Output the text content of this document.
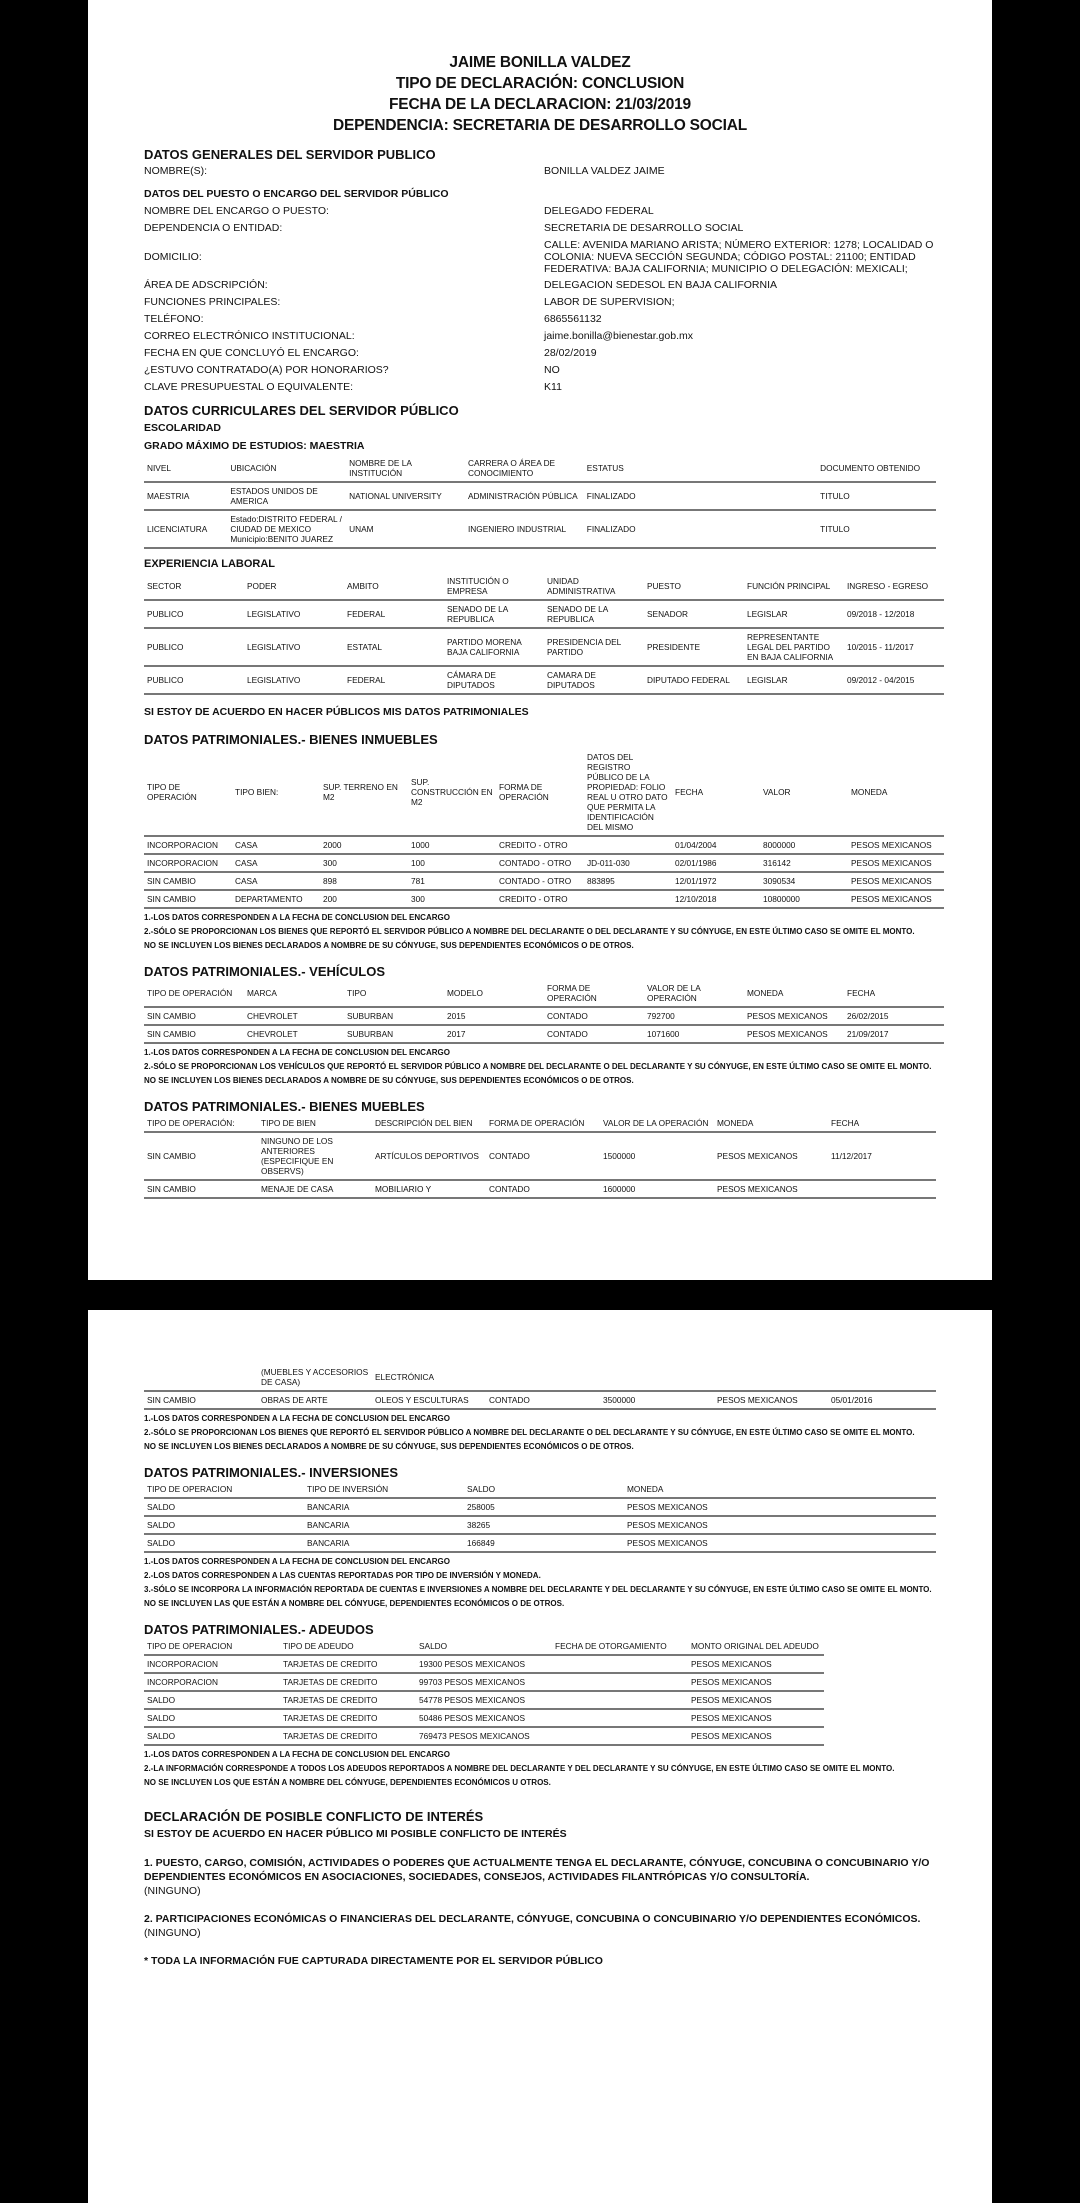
JAIME BONILLA VALDEZ
TIPO DE DECLARACIÓN: CONCLUSION
FECHA DE LA DECLARACION: 21/03/2019
DEPENDENCIA: SECRETARIA DE DESARROLLO SOCIAL
DATOS GENERALES DEL SERVIDOR PUBLICO
NOMBRE(S):	BONILLA VALDEZ JAIME
DATOS DEL PUESTO O ENCARGO DEL SERVIDOR PÚBLICO
NOMBRE DEL ENCARGO O PUESTO:	DELEGADO FEDERAL
DEPENDENCIA O ENTIDAD:	SECRETARIA DE DESARROLLO SOCIAL
DOMICILIO:
CALLE: AVENIDA MARIANO ARISTA; NÚMERO EXTERIOR: 1278; LOCALIDAD O COLONIA: NUEVA SECCIÓN SEGUNDA; CÓDIGO POSTAL: 21100; ENTIDAD FEDERATIVA: BAJA CALIFORNIA; MUNICIPIO O DELEGACIÓN: MEXICALI;
ÁREA DE ADSCRIPCIÓN:	DELEGACION SEDESOL EN BAJA CALIFORNIA
FUNCIONES PRINCIPALES:	LABOR DE SUPERVISION;
TELÉFONO:	6865561132
CORREO ELECTRÓNICO INSTITUCIONAL:	jaime.bonilla@bienestar.gob.mx
FECHA EN QUE CONCLUYÓ EL ENCARGO:	28/02/2019
¿ESTUVO CONTRATADO(A) POR HONORARIOS?	NO
CLAVE PRESUPUESTAL O EQUIVALENTE:	K11
DATOS CURRICULARES DEL SERVIDOR PÚBLICO
ESCOLARIDAD
GRADO MÁXIMO DE ESTUDIOS: MAESTRIA
NIVEL	UBICACIÓN	NOMBRE DE LA INSTITUCIÓN	CARRERA O ÁREA DE CONOCIMIENTO	ESTATUS	DOCUMENTO OBTENIDO
MAESTRIA	ESTADOS UNIDOS DE AMERICA	NATIONAL UNIVERSITY	ADMINISTRACIÓN PÚBLICA	FINALIZADO	TITULO
LICENCIATURA	Estado:DISTRITO FEDERAL / CIUDAD DE MEXICO Municipio:BENITO JUAREZ	UNAM	INGENIERO INDUSTRIAL	FINALIZADO	TITULO
EXPERIENCIA LABORAL
SECTOR	PODER	AMBITO	INSTITUCIÓN O EMPRESA	UNIDAD ADMINISTRATIVA	PUESTO	FUNCIÓN PRINCIPAL	INGRESO - EGRESO
PUBLICO	LEGISLATIVO	FEDERAL	SENADO DE LA REPUBLICA	SENADO DE LA REPUBLICA	SENADOR	LEGISLAR	09/2018 - 12/2018
PUBLICO	LEGISLATIVO	ESTATAL	PARTIDO MORENA BAJA CALIFORNIA	PRESIDENCIA DEL PARTIDO	PRESIDENTE	REPRESENTANTE LEGAL DEL PARTIDO EN BAJA CALIFORNIA	10/2015 - 11/2017
PUBLICO	LEGISLATIVO	FEDERAL	CÁMARA DE DIPUTADOS	CAMARA DE DIPUTADOS	DIPUTADO FEDERAL	LEGISLAR	09/2012 - 04/2015
SI ESTOY DE ACUERDO EN HACER PÚBLICOS MIS DATOS PATRIMONIALES
DATOS PATRIMONIALES.- BIENES INMUEBLES
TIPO DE OPERACIÓN	TIPO BIEN:	SUP. TERRENO EN M2	SUP. CONSTRUCCIÓN EN M2	FORMA DE OPERACIÓN	DATOS DEL REGISTRO PÚBLICO DE LA PROPIEDAD: FOLIO REAL U OTRO DATO QUE PERMITA LA IDENTIFICACIÓN DEL MISMO	FECHA	VALOR	MONEDA
INCORPORACION	CASA	2000	1000	CREDITO - OTRO		01/04/2004	8000000	PESOS MEXICANOS
INCORPORACION	CASA	300	100	CONTADO - OTRO	JD-011-030	02/01/1986	316142	PESOS MEXICANOS
SIN CAMBIO	CASA	898	781	CONTADO - OTRO	883895	12/01/1972	3090534	PESOS MEXICANOS
SIN CAMBIO	DEPARTAMENTO	200	300	CREDITO - OTRO		12/10/2018	10800000	PESOS MEXICANOS
1.-LOS DATOS CORRESPONDEN A LA FECHA DE CONCLUSION DEL ENCARGO
2.-SÓLO SE PROPORCIONAN LOS BIENES QUE REPORTÓ EL SERVIDOR PÚBLICO A NOMBRE DEL DECLARANTE O DEL DECLARANTE Y SU CÓNYUGE, EN ESTE ÚLTIMO CASO SE OMITE EL MONTO.
NO SE INCLUYEN LOS BIENES DECLARADOS A NOMBRE DE SU CÓNYUGE, SUS DEPENDIENTES ECONÓMICOS O DE OTROS.
DATOS PATRIMONIALES.- VEHÍCULOS
TIPO DE OPERACIÓN	MARCA	TIPO	MODELO	FORMA DE OPERACIÓN	VALOR DE LA OPERACIÓN	MONEDA	FECHA
SIN CAMBIO	CHEVROLET	SUBURBAN	2015	CONTADO	792700	PESOS MEXICANOS	26/02/2015
SIN CAMBIO	CHEVROLET	SUBURBAN	2017	CONTADO	1071600	PESOS MEXICANOS	21/09/2017
1.-LOS DATOS CORRESPONDEN A LA FECHA DE CONCLUSION DEL ENCARGO
2.-SÓLO SE PROPORCIONAN LOS VEHÍCULOS QUE REPORTÓ EL SERVIDOR PÚBLICO A NOMBRE DEL DECLARANTE O DEL DECLARANTE Y SU CÓNYUGE, EN ESTE ÚLTIMO CASO SE OMITE EL MONTO.
NO SE INCLUYEN LOS BIENES DECLARADOS A NOMBRE DE SU CÓNYUGE, SUS DEPENDIENTES ECONÓMICOS O DE OTROS.
DATOS PATRIMONIALES.- BIENES MUEBLES
TIPO DE OPERACIÓN:	TIPO DE BIEN	DESCRIPCIÓN DEL BIEN	FORMA DE OPERACIÓN	VALOR DE LA OPERACIÓN	MONEDA	FECHA
SIN CAMBIO	NINGUNO DE LOS ANTERIORES (ESPECIFIQUE EN OBSERVS)	ARTÍCULOS DEPORTIVOS	CONTADO	1500000	PESOS MEXICANOS	11/12/2017
SIN CAMBIO	MENAJE DE CASA	MOBILIARIO Y	CONTADO	1600000	PESOS MEXICANOS	
	(MUEBLES Y ACCESORIOS DE CASA)	ELECTRÓNICA				
SIN CAMBIO	OBRAS DE ARTE	OLEOS Y ESCULTURAS	CONTADO	3500000	PESOS MEXICANOS	05/01/2016
1.-LOS DATOS CORRESPONDEN A LA FECHA DE CONCLUSION DEL ENCARGO
2.-SÓLO SE PROPORCIONAN LOS BIENES QUE REPORTÓ EL SERVIDOR PÚBLICO A NOMBRE DEL DECLARANTE O DEL DECLARANTE Y SU CÓNYUGE, EN ESTE ÚLTIMO CASO SE OMITE EL MONTO.
NO SE INCLUYEN LOS BIENES DECLARADOS A NOMBRE DE SU CÓNYUGE, SUS DEPENDIENTES ECONÓMICOS O DE OTROS.
DATOS PATRIMONIALES.- INVERSIONES
TIPO DE OPERACION	TIPO DE INVERSIÓN	SALDO	MONEDA	
SALDO	BANCARIA	258005	PESOS MEXICANOS	
SALDO	BANCARIA	38265	PESOS MEXICANOS	
SALDO	BANCARIA	166849	PESOS MEXICANOS	
1.-LOS DATOS CORRESPONDEN A LA FECHA DE CONCLUSION DEL ENCARGO
2.-LOS DATOS CORRESPONDEN A LAS CUENTAS REPORTADAS POR TIPO DE INVERSIÓN Y MONEDA.
3.-SÓLO SE INCORPORA LA INFORMACIÓN REPORTADA DE CUENTAS E INVERSIONES A NOMBRE DEL DECLARANTE Y DEL DECLARANTE Y SU CÓNYUGE, EN ESTE ÚLTIMO CASO SE OMITE EL MONTO.
NO SE INCLUYEN LAS QUE ESTÁN A NOMBRE DEL CÓNYUGE, DEPENDIENTES ECONÓMICOS O DE OTROS.
DATOS PATRIMONIALES.- ADEUDOS
TIPO DE OPERACION	TIPO DE ADEUDO	SALDO	FECHA DE OTORGAMIENTO	MONTO ORIGINAL DEL ADEUDO
INCORPORACION	TARJETAS DE CREDITO	19300 PESOS MEXICANOS		PESOS MEXICANOS
INCORPORACION	TARJETAS DE CREDITO	99703 PESOS MEXICANOS		PESOS MEXICANOS
SALDO	TARJETAS DE CREDITO	54778 PESOS MEXICANOS		PESOS MEXICANOS
SALDO	TARJETAS DE CREDITO	50486 PESOS MEXICANOS		PESOS MEXICANOS
SALDO	TARJETAS DE CREDITO	769473 PESOS MEXICANOS		PESOS MEXICANOS
1.-LOS DATOS CORRESPONDEN A LA FECHA DE CONCLUSION DEL ENCARGO
2.-LA INFORMACIÓN CORRESPONDE A TODOS LOS ADEUDOS REPORTADOS A NOMBRE DEL DECLARANTE Y DEL DECLARANTE Y SU CÓNYUGE, EN ESTE ÚLTIMO CASO SE OMITE EL MONTO.
NO SE INCLUYEN LOS QUE ESTÁN A NOMBRE DEL CÓNYUGE, DEPENDIENTES ECONÓMICOS U OTROS.
DECLARACIÓN DE POSIBLE CONFLICTO DE INTERÉS
SI ESTOY DE ACUERDO EN HACER PÚBLICO MI POSIBLE CONFLICTO DE INTERÉS
1. PUESTO, CARGO, COMISIÓN, ACTIVIDADES O PODERES QUE ACTUALMENTE TENGA EL DECLARANTE, CÓNYUGE, CONCUBINA O CONCUBINARIO Y/O DEPENDIENTES ECONÓMICOS EN ASOCIACIONES, SOCIEDADES, CONSEJOS, ACTIVIDADES FILANTRÓPICAS Y/O CONSULTORÍA.
(NINGUNO)
2. PARTICIPACIONES ECONÓMICAS O FINANCIERAS DEL DECLARANTE, CÓNYUGE, CONCUBINA O CONCUBINARIO Y/O DEPENDIENTES ECONÓMICOS.
(NINGUNO)
* TODA LA INFORMACIÓN FUE CAPTURADA DIRECTAMENTE POR EL SERVIDOR PÚBLICO
